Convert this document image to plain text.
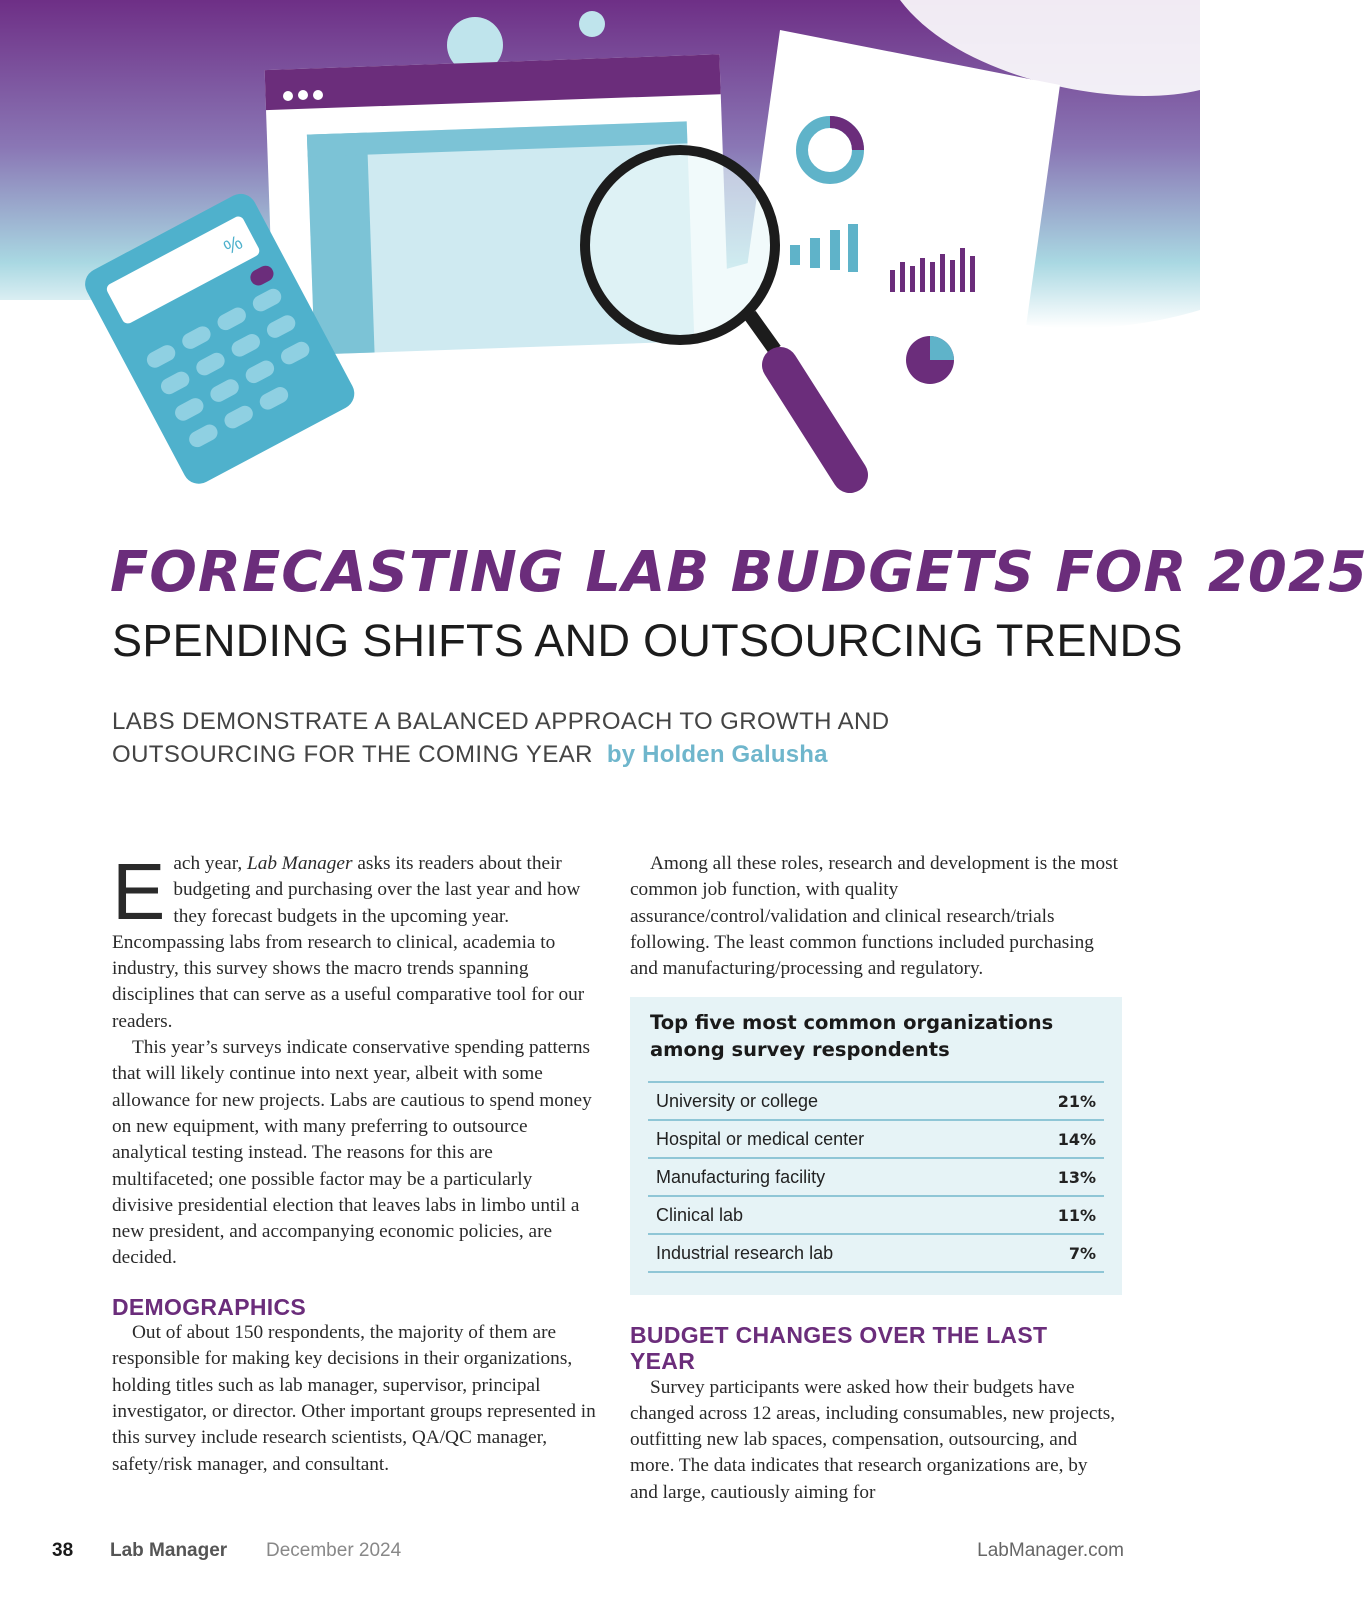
%
FORECASTING LAB BUDGETS FOR 2025
SPENDING SHIFTS AND OUTSOURCING TRENDS
LABS DEMONSTRATE A BALANCED APPROACH TO GROWTH AND
OUTSOURCING FOR THE COMING YEAR by Holden Galusha

Each year, Lab Manager asks its readers about their budgeting and purchasing over the last year and how they forecast budgets in the upcoming year. Encompassing labs from research to clinical, academia to industry, this survey shows the macro trends spanning disciplines that can serve as a useful comparative tool for our readers.

This year’s surveys indicate conservative spending patterns that will likely continue into next year, albeit with some allowance for new projects. Labs are cautious to spend money on new equipment, with many preferring to outsource analytical testing instead. The reasons for this are multifaceted; one possible factor may be a particularly divisive presidential election that leaves labs in limbo until a new president, and accompanying economic policies, are decided.

DEMOGRAPHICS

Out of about 150 respondents, the majority of them are responsible for making key decisions in their organizations, holding titles such as lab manager, supervisor, principal investigator, or director. Other important groups represented in this survey include research scientists, QA/QC manager, safety/risk manager, and consultant.

Among all these roles, research and development is the most common job function, with quality assurance/control/validation and clinical research/trials following. The least common functions included purchasing and manufacturing/processing and regulatory.

Top five most common organizations among survey respondents
University or college	21%
Hospital or medical center	14%
Manufacturing facility	13%
Clinical lab	11%
Industrial research lab	7%
BUDGET CHANGES OVER THE LAST YEAR

Survey participants were asked how their budgets have changed across 12 areas, including consumables, new projects, outfitting new lab spaces, compensation, outsourcing, and more. The data indicates that research organizations are, by and large, cautiously aiming for

38 Lab Manager December 2024	LabManager.com
